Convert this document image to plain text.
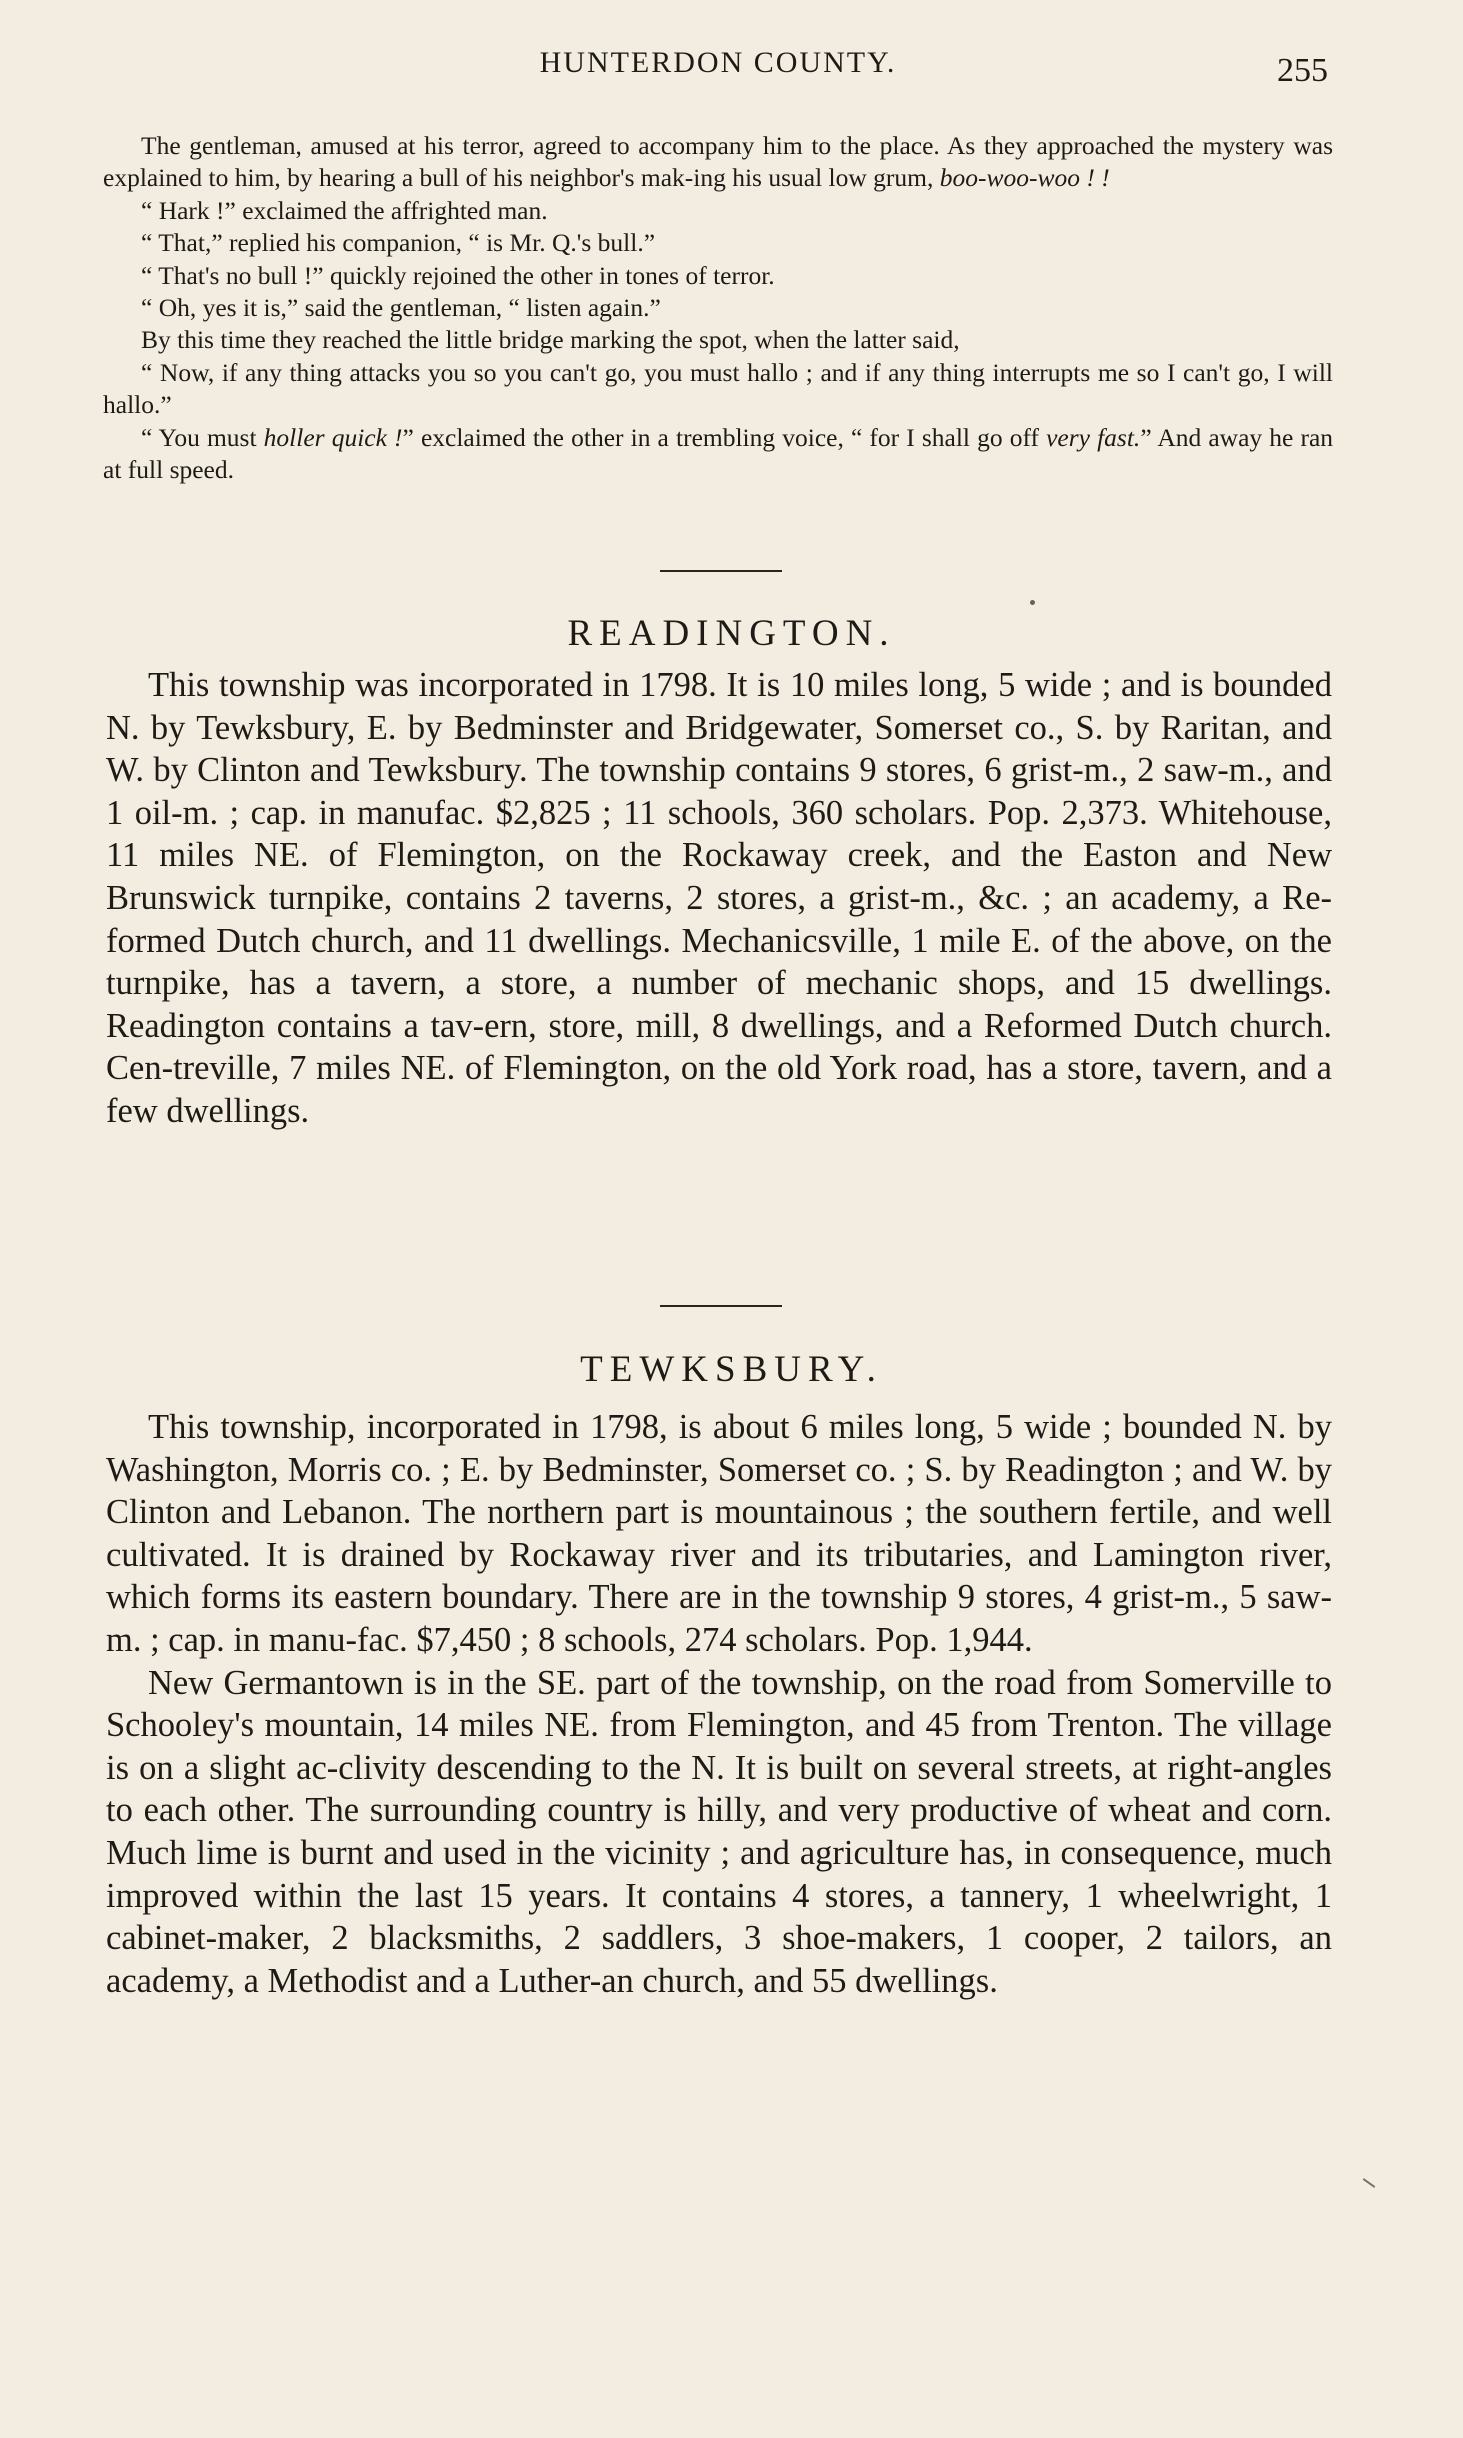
HUNTERDON COUNTY.	255

The gentleman, amused at his terror, agreed to accompany him to the place. As they approached the mystery was explained to him, by hearing a bull of his neighbor's mak-ing his usual low grum, boo-woo-woo ! !

“ Hark !” exclaimed the affrighted man.

“ That,” replied his companion, “ is Mr. Q.'s bull.”

“ That's no bull !” quickly rejoined the other in tones of terror.

“ Oh, yes it is,” said the gentleman, “ listen again.”

By this time they reached the little bridge marking the spot, when the latter said,

“ Now, if any thing attacks you so you can't go, you must hallo ; and if any thing interrupts me so I can't go, I will hallo.”

“ You must holler quick !” exclaimed the other in a trembling voice, “ for I shall go off very fast.” And away he ran at full speed.

READINGTON.

This township was incorporated in 1798. It is 10 miles long, 5 wide ; and is bounded N. by Tewksbury, E. by Bedminster and Bridgewater, Somerset co., S. by Raritan, and W. by Clinton and Tewksbury. The township contains 9 stores, 6 grist-m., 2 saw-m., and 1 oil-m. ; cap. in manufac. $2,825 ; 11 schools, 360 scholars. Pop. 2,373. Whitehouse, 11 miles NE. of Flemington, on the Rockaway creek, and the Easton and New Brunswick turnpike, contains 2 taverns, 2 stores, a grist-m., &c. ; an academy, a Re-formed Dutch church, and 11 dwellings. Mechanicsville, 1 mile E. of the above, on the turnpike, has a tavern, a store, a number of mechanic shops, and 15 dwellings. Readington contains a tav-ern, store, mill, 8 dwellings, and a Reformed Dutch church. Cen-treville, 7 miles NE. of Flemington, on the old York road, has a store, tavern, and a few dwellings.

TEWKSBURY.

This township, incorporated in 1798, is about 6 miles long, 5 wide ; bounded N. by Washington, Morris co. ; E. by Bedminster, Somerset co. ; S. by Readington ; and W. by Clinton and Lebanon. The northern part is mountainous ; the southern fertile, and well cultivated. It is drained by Rockaway river and its tributaries, and Lamington river, which forms its eastern boundary. There are in the township 9 stores, 4 grist-m., 5 saw-m. ; cap. in manu-fac. $7,450 ; 8 schools, 274 scholars. Pop. 1,944.

New Germantown is in the SE. part of the township, on the road from Somerville to Schooley's mountain, 14 miles NE. from Flemington, and 45 from Trenton. The village is on a slight ac-clivity descending to the N. It is built on several streets, at right-angles to each other. The surrounding country is hilly, and very productive of wheat and corn. Much lime is burnt and used in the vicinity ; and agriculture has, in consequence, much improved within the last 15 years. It contains 4 stores, a tannery, 1 wheelwright, 1 cabinet-maker, 2 blacksmiths, 2 saddlers, 3 shoe-makers, 1 cooper, 2 tailors, an academy, a Methodist and a Luther-an church, and 55 dwellings.
